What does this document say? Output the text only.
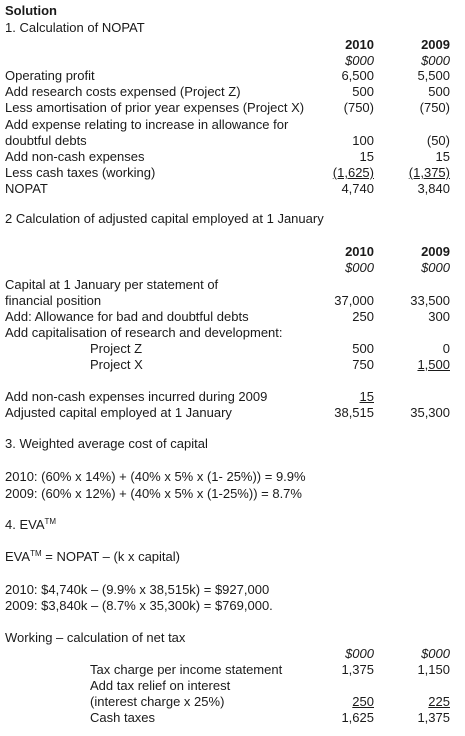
Solution
1. Calculation of NOPAT
2010	2009
$000	$000
Operating profit	6,500	5,500
Add research costs expensed (Project Z)	500	500
Less amortisation of prior year expenses (Project X)	(750)	(750)
Add expense relating to increase in allowance for
doubtful debts	100	(50)
Add non-cash expenses	15	15
Less cash taxes (working)	(1,625)	(1,375)
NOPAT	4,740	3,840
2 Calculation of adjusted capital employed at 1 January
2010	2009
$000	$000
Capital at 1 January per statement of
financial position	37,000	33,500
Add: Allowance for bad and doubtful debts	250	300
Add capitalisation of research and development:
Project Z	500	0
Project X	750	1,500
Add non-cash expenses incurred during 2009	15
Adjusted capital employed at 1 January	38,515	35,300
3. Weighted average cost of capital
2010: (60% x 14%) + (40% x 5% x (1- 25%)) = 9.9%
2009: (60% x 12%) + (40% x 5% x (1-25%)) = 8.7%
4. EVA™
EVA™ = NOPAT – (k x capital)
2010: $4,740k – (9.9% x 38,515k) = $927,000
2009: $3,840k – (8.7% x 35,300k) = $769,000.
Working – calculation of net tax
$000	$000
Tax charge per income statement	1,375	1,150
Add tax relief on interest
(interest charge x 25%)	250	225
Cash taxes	1,625	1,375
